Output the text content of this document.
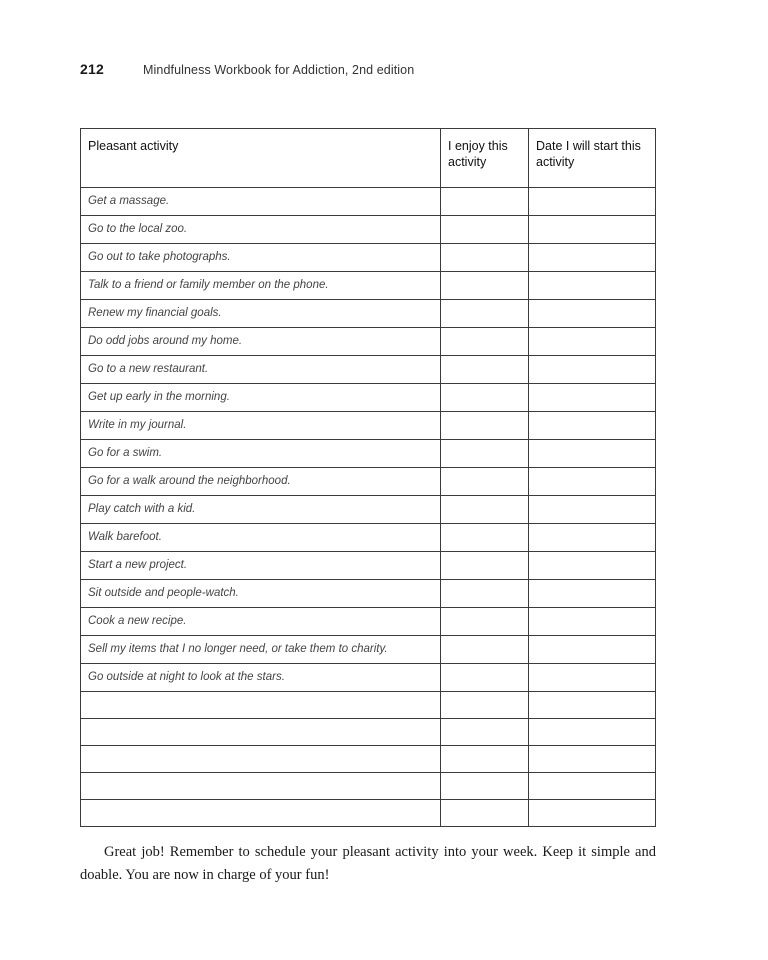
212	Mindfulness Workbook for Addiction, 2nd edition
Pleasant activity	I enjoy this activity	Date I will start this activity
Get a massage.		
Go to the local zoo.		
Go out to take photographs.		
Talk to a friend or family member on the phone.		
Renew my financial goals.		
Do odd jobs around my home.		
Go to a new restaurant.		
Get up early in the morning.		
Write in my journal.		
Go for a swim.		
Go for a walk around the neighborhood.		
Play catch with a kid.		
Walk barefoot.		
Start a new project.		
Sit outside and people-watch.		
Cook a new recipe.		
Sell my items that I no longer need, or take them to charity.		
Go outside at night to look at the stars.		

Great job! Remember to schedule your pleasant activity into your week. Keep it simple and doable. You are now in charge of your fun!
